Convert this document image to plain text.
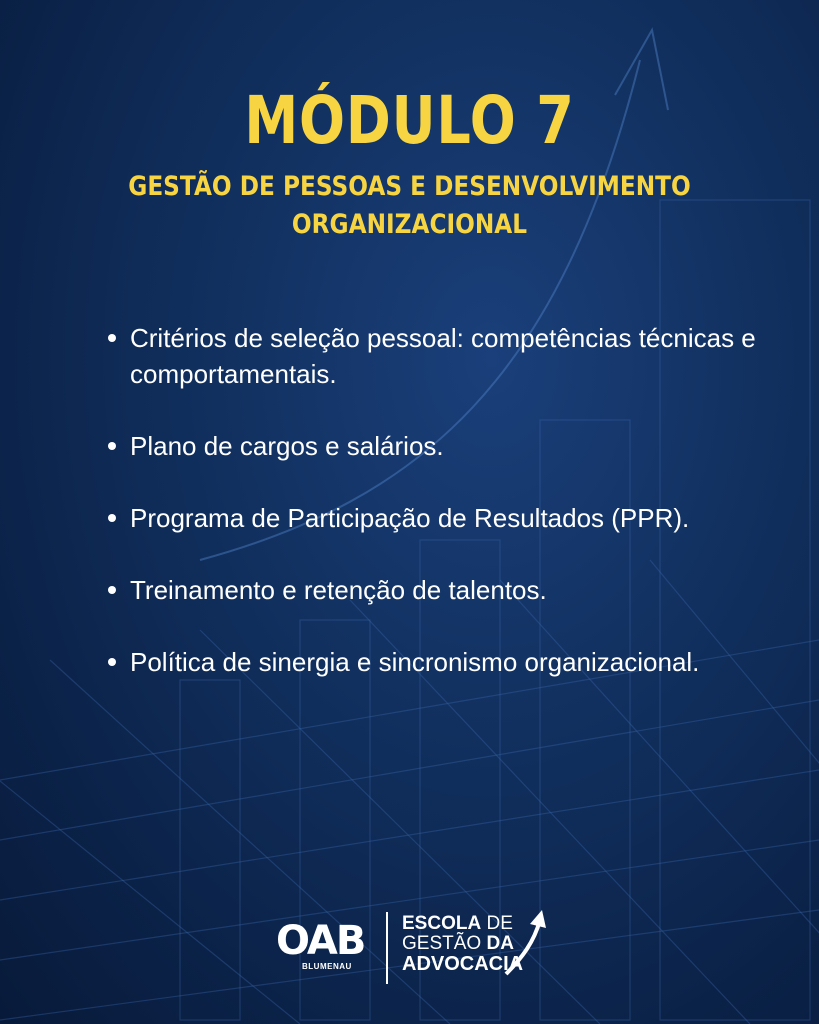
MÓDULO 7
GESTÃO DE PESSOAS E DESENVOLVIMENTO ORGANIZACIONAL
Critérios de seleção pessoal: competências técnicas e comportamentais.
Plano de cargos e salários.
Programa de Participação de Resultados (PPR).
Treinamento e retenção de talentos.
Política de sinergia e sincronismo organizacional.
OAB
BLUMENAU
ESCOLA DE
GESTÃO DA
ADVOCACIA
